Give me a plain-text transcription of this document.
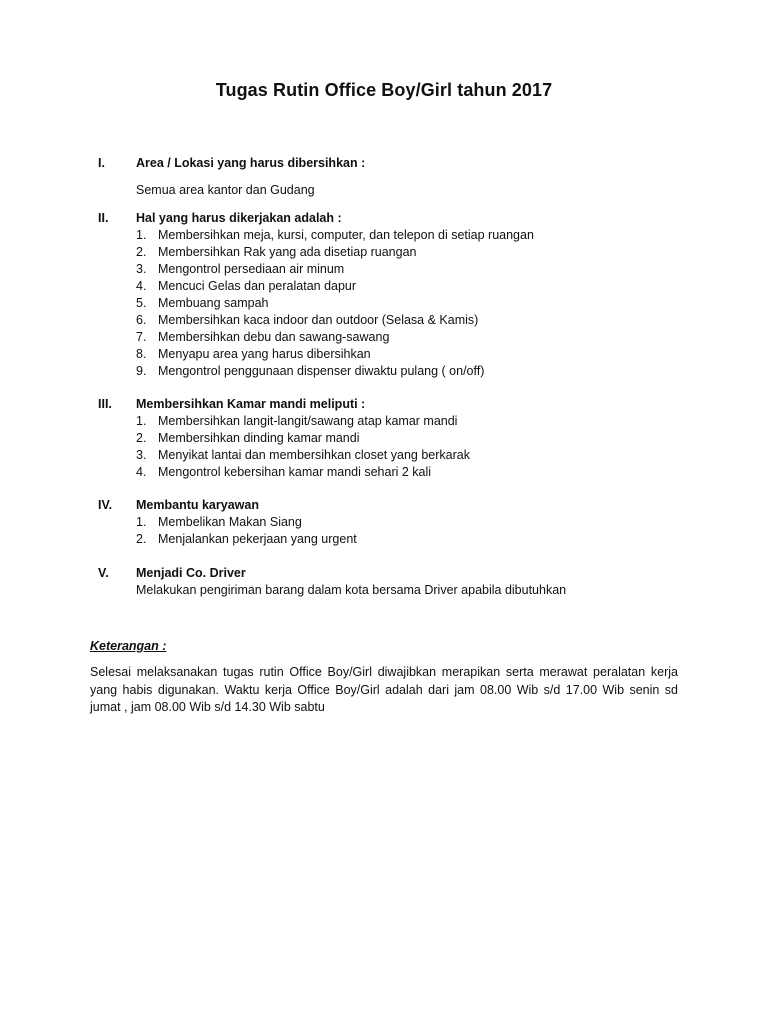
Tugas Rutin Office Boy/Girl tahun 2017
I. Area / Lokasi yang harus dibersihkan :
Semua area kantor dan Gudang
II. Hal yang harus dikerjakan adalah :
1. Membersihkan meja, kursi, computer, dan telepon di setiap ruangan
2. Membersihkan Rak yang ada disetiap ruangan
3. Mengontrol persediaan air minum
4. Mencuci Gelas dan peralatan dapur
5. Membuang sampah
6. Membersihkan kaca indoor dan outdoor (Selasa & Kamis)
7. Membersihkan debu dan sawang-sawang
8. Menyapu area yang harus dibersihkan
9. Mengontrol penggunaan dispenser diwaktu pulang ( on/off)
III. Membersihkan Kamar mandi meliputi :
1. Membersihkan langit-langit/sawang atap kamar mandi
2. Membersihkan dinding kamar mandi
3. Menyikat lantai dan membersihkan closet yang berkarak
4. Mengontrol kebersihan kamar mandi sehari 2 kali
IV. Membantu karyawan
1. Membelikan Makan Siang
2. Menjalankan pekerjaan yang urgent
V. Menjadi Co. Driver
Melakukan pengiriman barang dalam kota bersama Driver apabila dibutuhkan
Keterangan :
Selesai melaksanakan tugas rutin Office Boy/Girl diwajibkan merapikan serta merawat peralatan kerja yang habis digunakan. Waktu kerja Office Boy/Girl adalah dari jam 08.00 Wib s/d 17.00 Wib senin sd jumat , jam 08.00 Wib s/d 14.30 Wib sabtu
